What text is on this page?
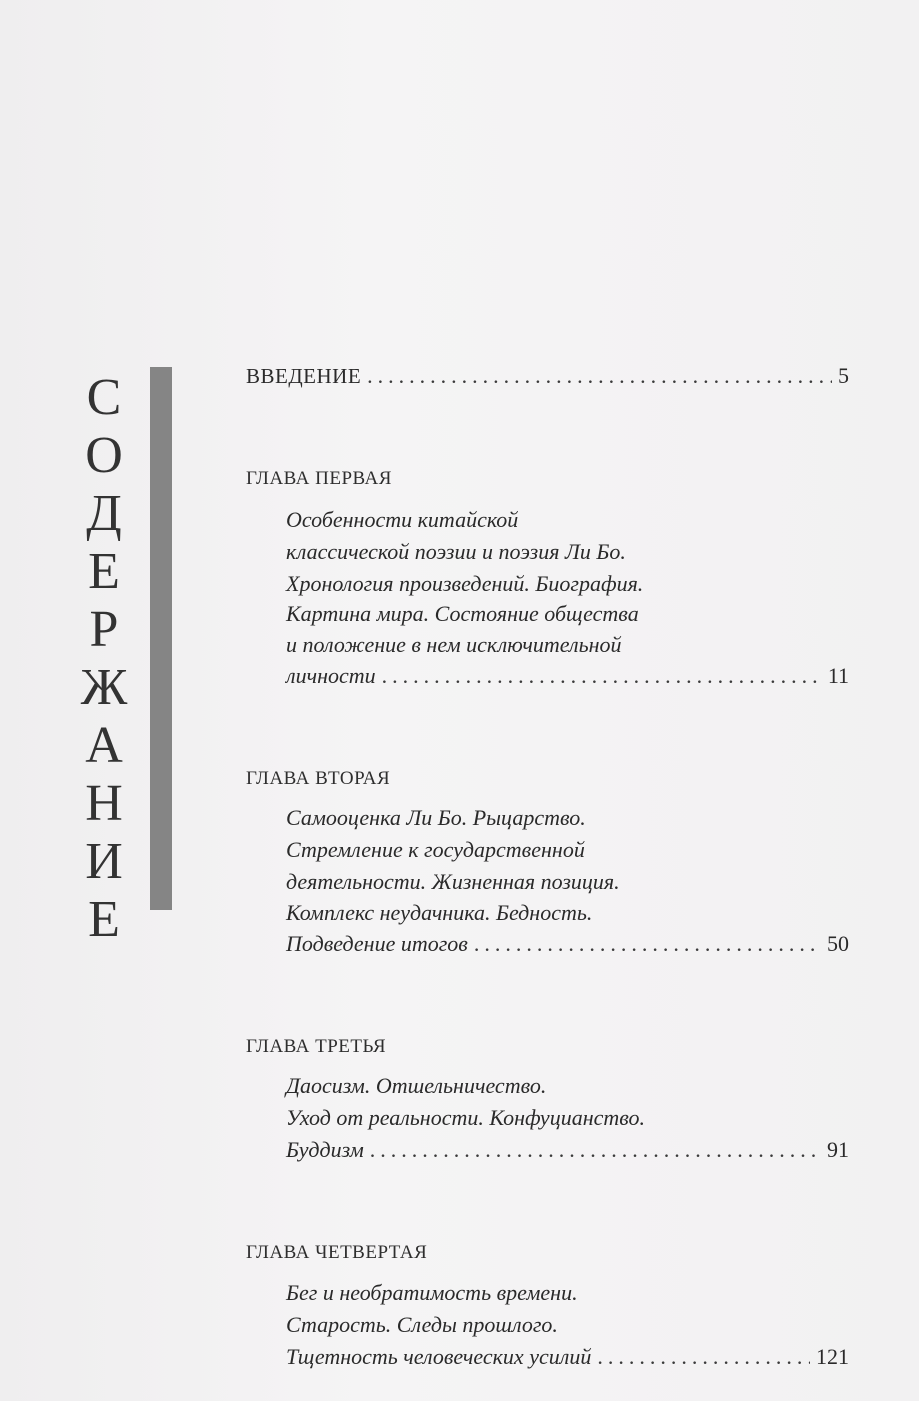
С
О
Д
Е
Р
Ж
А
Н
И
Е
ВВЕДЕНИЕ .....	5
ГЛАВА ПЕРВАЯ
Особенности китайской
классической поэзии и поэзия Ли Бо.
Хронология произведений. Биография.
Картина мира. Состояние общества
и положение в нем исключительной
личности .....	11
ГЛАВА ВТОРАЯ
Самооценка Ли Бо. Рыцарство.
Стремление к государственной
деятельности. Жизненная позиция.
Комплекс неудачника. Бедность.
Подведение итогов .....	50
ГЛАВА ТРЕТЬЯ
Даосизм. Отшельничество.
Уход от реальности. Конфуцианство.
Буддизм .....	91
ГЛАВА ЧЕТВЕРТАЯ
Бег и необратимость времени.
Старость. Следы прошлого.
Тщетность человеческих усилий .....	121
